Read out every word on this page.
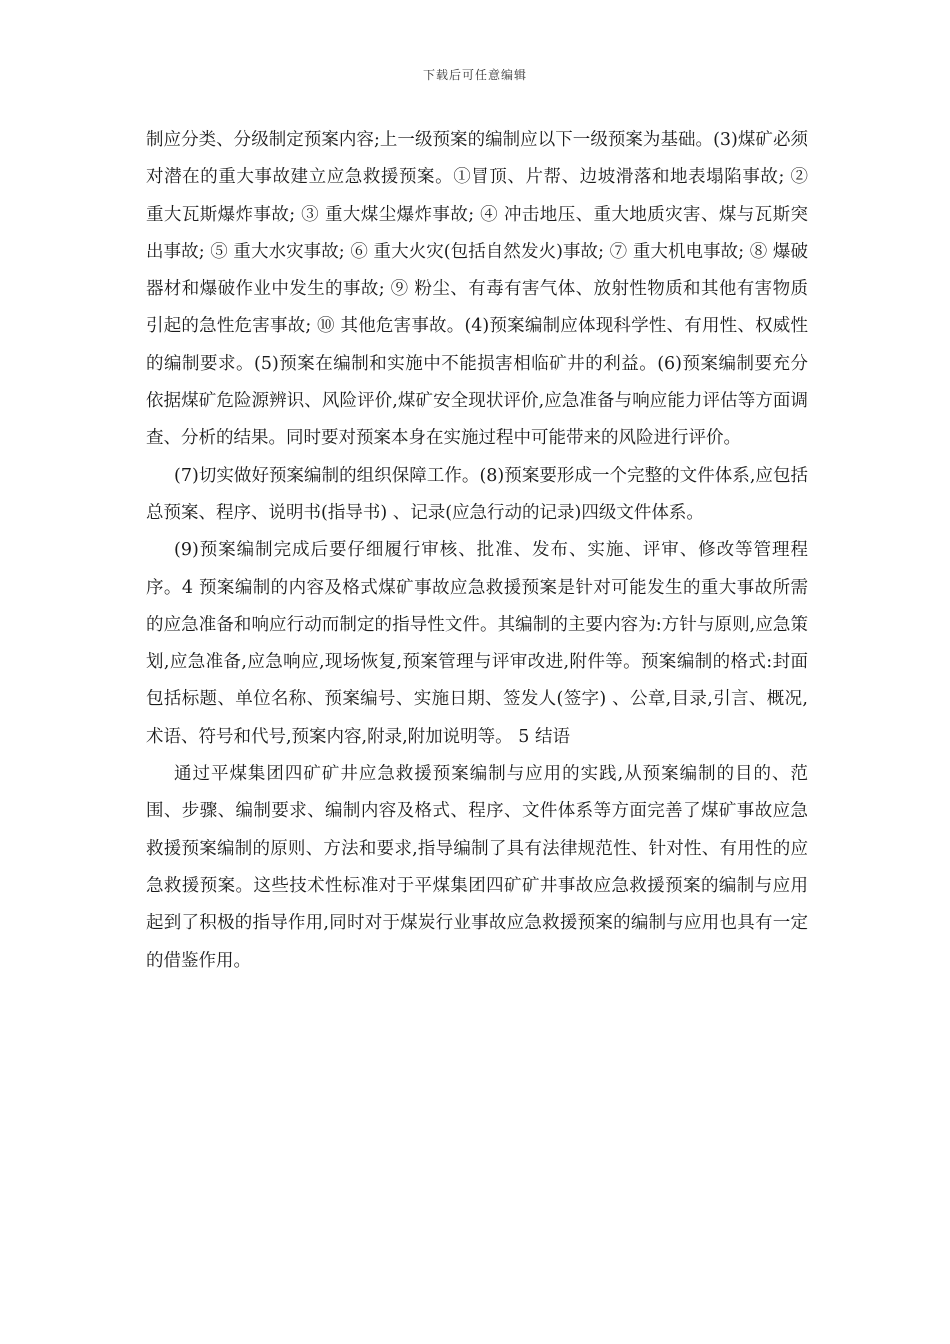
下载后可任意编辑

制应分类、分级制定预案内容;上一级预案的编制应以下一级预案为基础。(3)煤矿必须对潜在的重大事故建立应急救援预案。①冒顶、片帮、边坡滑落和地表塌陷事故; ② 重大瓦斯爆炸事故; ③ 重大煤尘爆炸事故; ④ 冲击地压、重大地质灾害、煤与瓦斯突出事故; ⑤ 重大水灾事故; ⑥ 重大火灾(包括自然发火)事故; ⑦ 重大机电事故; ⑧ 爆破器材和爆破作业中发生的事故; ⑨ 粉尘、有毒有害气体、放射性物质和其他有害物质引起的急性危害事故; ⑩ 其他危害事故。(4)预案编制应体现科学性、有用性、权威性的编制要求。(5)预案在编制和实施中不能损害相临矿井的利益。(6)预案编制要充分依据煤矿危险源辨识、风险评价,煤矿安全现状评价,应急准备与响应能力评估等方面调查、分析的结果。同时要对预案本身在实施过程中可能带来的风险进行评价。

(7)切实做好预案编制的组织保障工作。(8)预案要形成一个完整的文件体系,应包括总预案、程序、说明书(指导书) 、记录(应急行动的记录)四级文件体系。

(9)预案编制完成后要仔细履行审核、批准、发布、实施、评审、修改等管理程序。4 预案编制的内容及格式煤矿事故应急救援预案是针对可能发生的重大事故所需的应急准备和响应行动而制定的指导性文件。其编制的主要内容为:方针与原则,应急策划,应急准备,应急响应,现场恢复,预案管理与评审改进,附件等。预案编制的格式:封面包括标题、单位名称、预案编号、实施日期、签发人(签字) 、公章,目录,引言、概况,术语、符号和代号,预案内容,附录,附加说明等。 5 结语

通过平煤集团四矿矿井应急救援预案编制与应用的实践,从预案编制的目的、范围、步骤、编制要求、编制内容及格式、程序、文件体系等方面完善了煤矿事故应急救援预案编制的原则、方法和要求,指导编制了具有法律规范性、针对性、有用性的应急救援预案。这些技术性标准对于平煤集团四矿矿井事故应急救援预案的编制与应用起到了积极的指导作用,同时对于煤炭行业事故应急救援预案的编制与应用也具有一定的借鉴作用。
